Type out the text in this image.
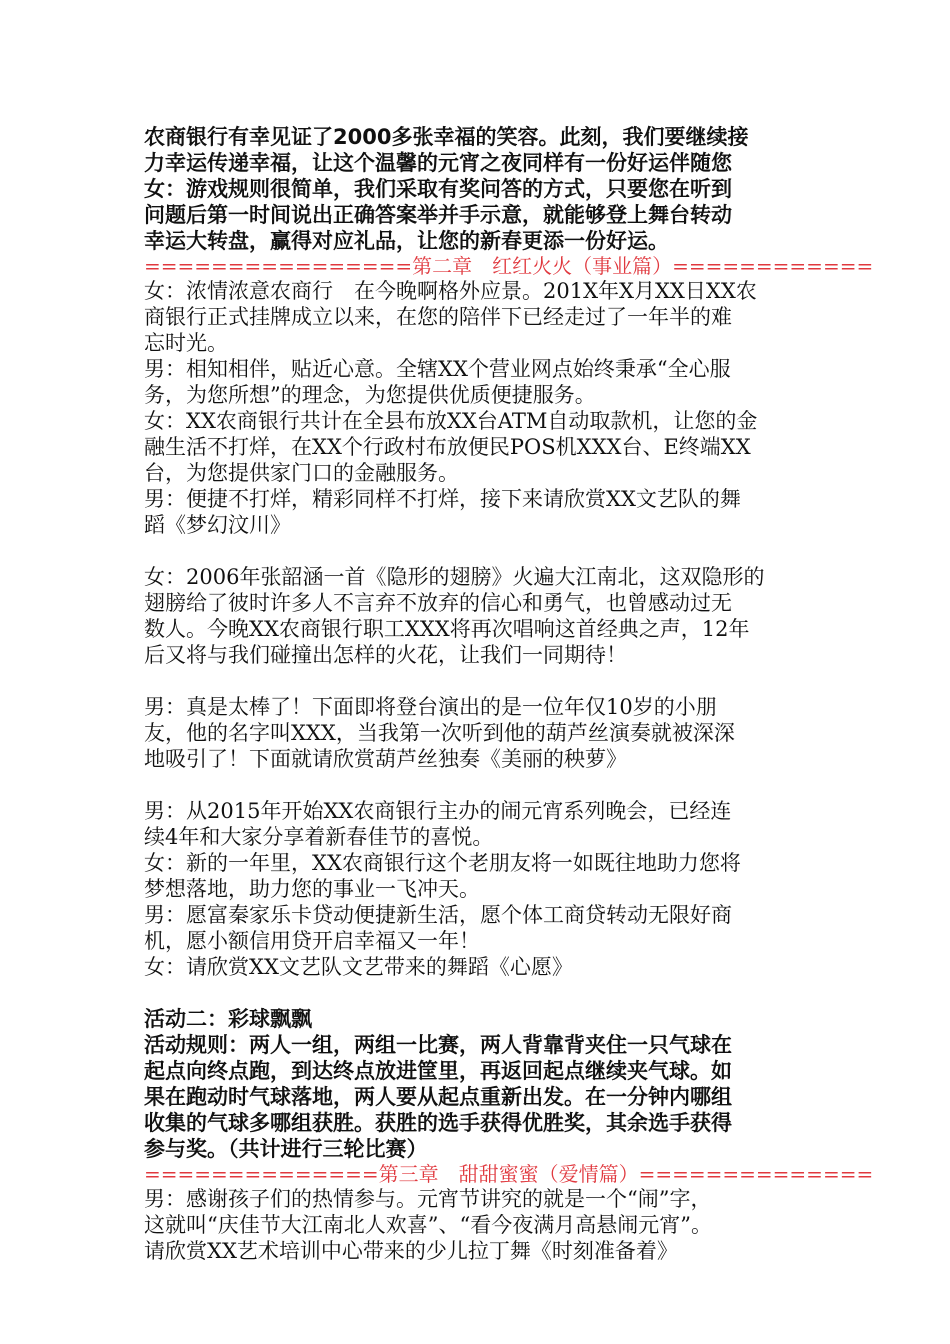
农商银行有幸见证了2000多张幸福的笑容。此刻，我们要继续接
力幸运传递幸福，让这个温馨的元宵之夜同样有一份好运伴随您
女：游戏规则很简单，我们采取有奖问答的方式，只要您在听到
问题后第一时间说出正确答案举并手示意，就能够登上舞台转动
幸运大转盘，赢得对应礼品，让您的新春更添一份好运。
================第二章　红红火火（事业篇）============
女：浓情浓意农商行　在今晚啊格外应景。201X年X月XX日XX农
商银行正式挂牌成立以来，在您的陪伴下已经走过了一年半的难
忘时光。
男：相知相伴，贴近心意。全辖XX个营业网点始终秉承“全心服
务，为您所想”的理念，为您提供优质便捷服务。
女：XX农商银行共计在全县布放XX台ATM自动取款机，让您的金
融生活不打烊，在XX个行政村布放便民POS机XXX台、E终端XX
台，为您提供家门口的金融服务。
男：便捷不打烊，精彩同样不打烊，接下来请欣赏XX文艺队的舞
蹈《梦幻汶川》
女：2006年张韶涵一首《隐形的翅膀》火遍大江南北，这双隐形的
翅膀给了彼时许多人不言弃不放弃的信心和勇气，也曾感动过无
数人。今晚XX农商银行职工XXX将再次唱响这首经典之声，12年
后又将与我们碰撞出怎样的火花，让我们一同期待！
男：真是太棒了！下面即将登台演出的是一位年仅10岁的小朋
友，他的名字叫XXX，当我第一次听到他的葫芦丝演奏就被深深
地吸引了！下面就请欣赏葫芦丝独奏《美丽的秧萝》
男：从2015年开始XX农商银行主办的闹元宵系列晚会，已经连
续4年和大家分享着新春佳节的喜悦。
女：新的一年里，XX农商银行这个老朋友将一如既往地助力您将
梦想落地，助力您的事业一飞冲天。
男：愿富秦家乐卡贷动便捷新生活，愿个体工商贷转动无限好商
机，愿小额信用贷开启幸福又一年！
女：请欣赏XX文艺队文艺带来的舞蹈《心愿》
活动二：彩球飘飘
活动规则：两人一组，两组一比赛，两人背靠背夹住一只气球在
起点向终点跑，到达终点放进筐里，再返回起点继续夹气球。如
果在跑动时气球落地，两人要从起点重新出发。在一分钟内哪组
收集的气球多哪组获胜。获胜的选手获得优胜奖，其余选手获得
参与奖。（共计进行三轮比赛）
==============第三章　甜甜蜜蜜（爱情篇）==============
男：感谢孩子们的热情参与。元宵节讲究的就是一个“闹”字，
这就叫“庆佳节大江南北人欢喜”、“看今夜满月高悬闹元宵”。
请欣赏XX艺术培训中心带来的少儿拉丁舞《时刻准备着》
